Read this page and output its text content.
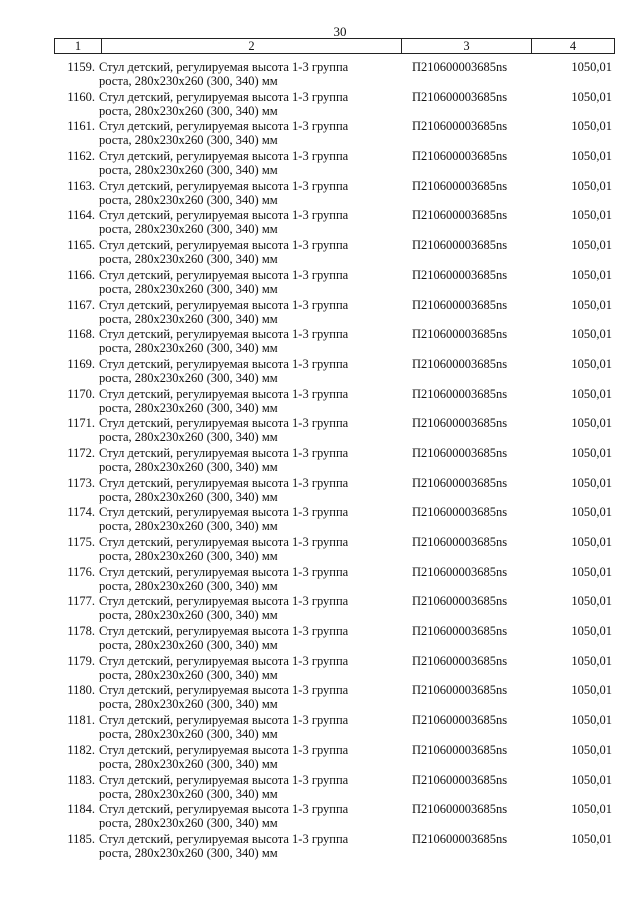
30
1	2	3	4
1159. Стул детский, регулируемая высота 1-3 группа
роста, 280x230x260 (300, 340) мм
П210600003685ns	1050,01
1160. Стул детский, регулируемая высота 1-3 группа
роста, 280x230x260 (300, 340) мм
П210600003685ns	1050,01
1161. Стул детский, регулируемая высота 1-3 группа
роста, 280x230x260 (300, 340) мм
П210600003685ns	1050,01
1162. Стул детский, регулируемая высота 1-3 группа
роста, 280x230x260 (300, 340) мм
П210600003685ns	1050,01
1163. Стул детский, регулируемая высота 1-3 группа
роста, 280x230x260 (300, 340) мм
П210600003685ns	1050,01
1164. Стул детский, регулируемая высота 1-3 группа
роста, 280x230x260 (300, 340) мм
П210600003685ns	1050,01
1165. Стул детский, регулируемая высота 1-3 группа
роста, 280x230x260 (300, 340) мм
П210600003685ns	1050,01
1166. Стул детский, регулируемая высота 1-3 группа
роста, 280x230x260 (300, 340) мм
П210600003685ns	1050,01
1167. Стул детский, регулируемая высота 1-3 группа
роста, 280x230x260 (300, 340) мм
П210600003685ns	1050,01
1168. Стул детский, регулируемая высота 1-3 группа
роста, 280x230x260 (300, 340) мм
П210600003685ns	1050,01
1169. Стул детский, регулируемая высота 1-3 группа
роста, 280x230x260 (300, 340) мм
П210600003685ns	1050,01
1170. Стул детский, регулируемая высота 1-3 группа
роста, 280x230x260 (300, 340) мм
П210600003685ns	1050,01
1171. Стул детский, регулируемая высота 1-3 группа
роста, 280x230x260 (300, 340) мм
П210600003685ns	1050,01
1172. Стул детский, регулируемая высота 1-3 группа
роста, 280x230x260 (300, 340) мм
П210600003685ns	1050,01
1173. Стул детский, регулируемая высота 1-3 группа
роста, 280x230x260 (300, 340) мм
П210600003685ns	1050,01
1174. Стул детский, регулируемая высота 1-3 группа
роста, 280x230x260 (300, 340) мм
П210600003685ns	1050,01
1175. Стул детский, регулируемая высота 1-3 группа
роста, 280x230x260 (300, 340) мм
П210600003685ns	1050,01
1176. Стул детский, регулируемая высота 1-3 группа
роста, 280x230x260 (300, 340) мм
П210600003685ns	1050,01
1177. Стул детский, регулируемая высота 1-3 группа
роста, 280x230x260 (300, 340) мм
П210600003685ns	1050,01
1178. Стул детский, регулируемая высота 1-3 группа
роста, 280x230x260 (300, 340) мм
П210600003685ns	1050,01
1179. Стул детский, регулируемая высота 1-3 группа
роста, 280x230x260 (300, 340) мм
П210600003685ns	1050,01
1180. Стул детский, регулируемая высота 1-3 группа
роста, 280x230x260 (300, 340) мм
П210600003685ns	1050,01
1181. Стул детский, регулируемая высота 1-3 группа
роста, 280x230x260 (300, 340) мм
П210600003685ns	1050,01
1182. Стул детский, регулируемая высота 1-3 группа
роста, 280x230x260 (300, 340) мм
П210600003685ns	1050,01
1183. Стул детский, регулируемая высота 1-3 группа
роста, 280x230x260 (300, 340) мм
П210600003685ns	1050,01
1184. Стул детский, регулируемая высота 1-3 группа
роста, 280x230x260 (300, 340) мм
П210600003685ns	1050,01
1185. Стул детский, регулируемая высота 1-3 группа
роста, 280x230x260 (300, 340) мм
П210600003685ns	1050,01
